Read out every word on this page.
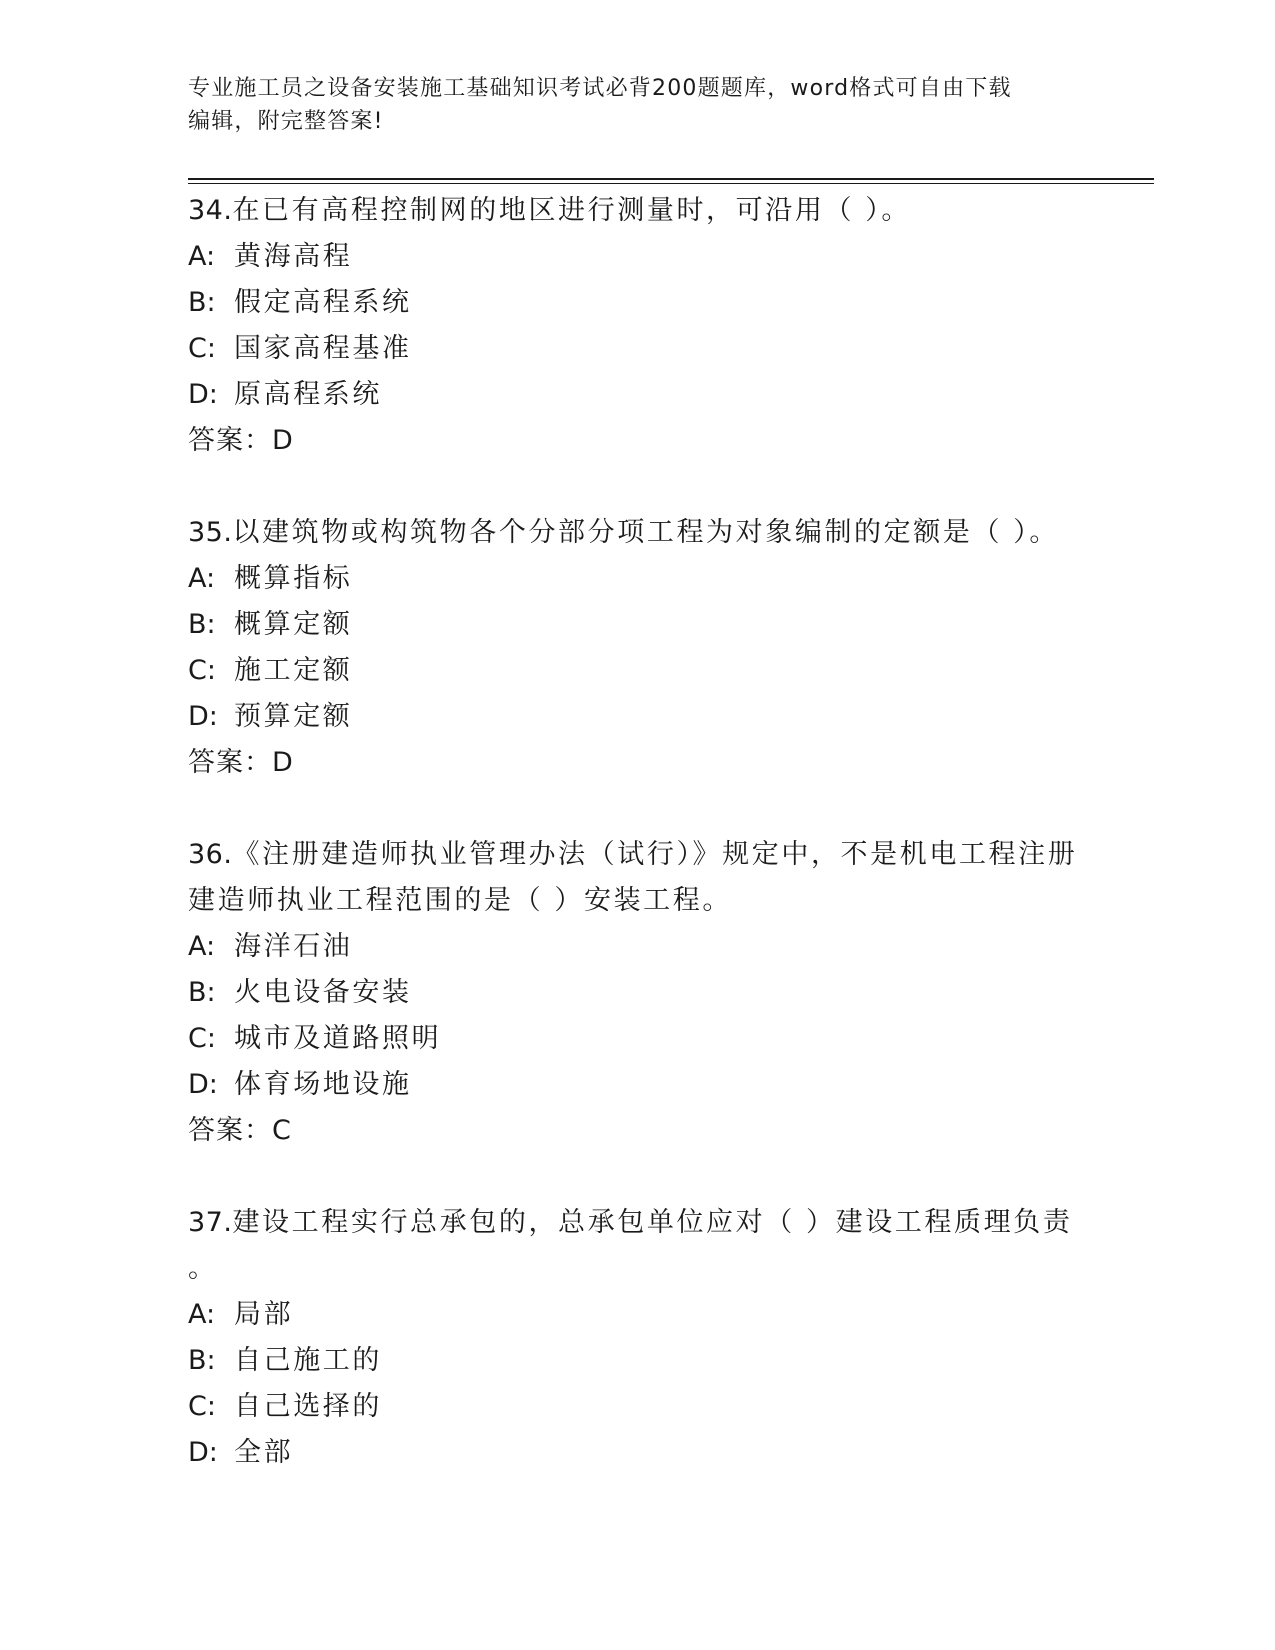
专业施工员之设备安装施工基础知识考试必背200题题库，word格式可自由下载
编辑，附完整答案!

34.在已有高程控制网的地区进行测量时，可沿用（ ）。

A: 黄海高程

B: 假定高程系统

C: 国家高程基准

D: 原高程系统

答案：D

35.以建筑物或构筑物各个分部分项工程为对象编制的定额是（ ）。

A: 概算指标

B: 概算定额

C: 施工定额

D: 预算定额

答案：D

36.《注册建造师执业管理办法（试行）》规定中，不是机电工程注册

建造师执业工程范围的是（ ）安装工程。

A: 海洋石油

B: 火电设备安装

C: 城市及道路照明

D: 体育场地设施

答案：C

37.建设工程实行总承包的，总承包单位应对（ ）建设工程质理负责

。

A: 局部

B: 自己施工的

C: 自己选择的

D: 全部
